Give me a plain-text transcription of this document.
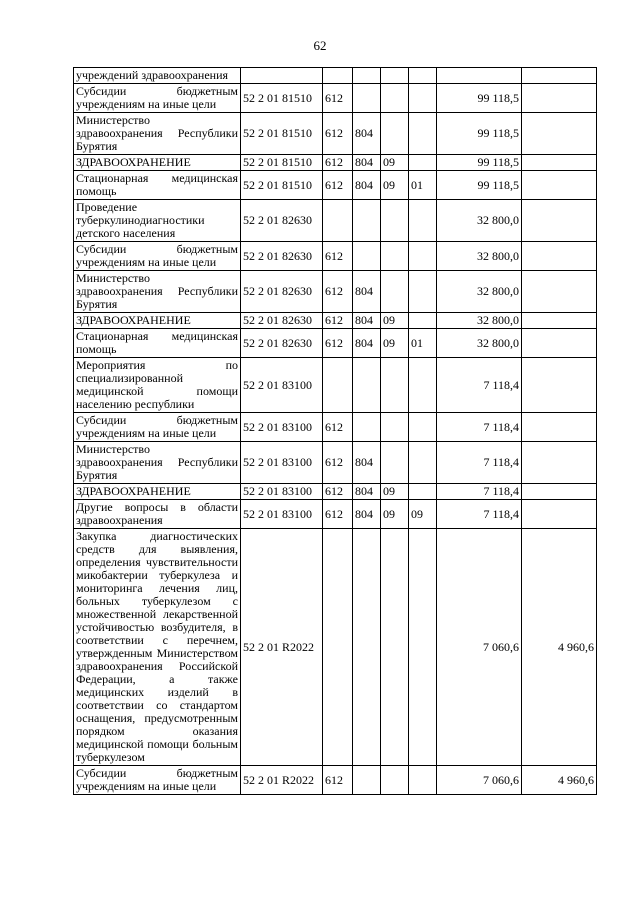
62
учреждений здравоохранения							
Субсидии бюджетным учреждениям на иные цели	52 2 01 81510	612				99 118,5	
Министерство здравоохранения Республики Бурятия	52 2 01 81510	612	804			99 118,5	
ЗДРАВООХРАНЕНИЕ	52 2 01 81510	612	804	09		99 118,5	
Стационарная медицинская помощь	52 2 01 81510	612	804	09	01	99 118,5	
Проведение туберкулинодиагностики детского населения	52 2 01 82630					32 800,0	
Субсидии бюджетным учреждениям на иные цели	52 2 01 82630	612				32 800,0	
Министерство здравоохранения Республики Бурятия	52 2 01 82630	612	804			32 800,0	
ЗДРАВООХРАНЕНИЕ	52 2 01 82630	612	804	09		32 800,0	
Стационарная медицинская помощь	52 2 01 82630	612	804	09	01	32 800,0	
Мероприятия по специализированной медицинской помощи населению республики	52 2 01 83100					7 118,4	
Субсидии бюджетным учреждениям на иные цели	52 2 01 83100	612				7 118,4	
Министерство здравоохранения Республики Бурятия	52 2 01 83100	612	804			7 118,4	
ЗДРАВООХРАНЕНИЕ	52 2 01 83100	612	804	09		7 118,4	
Другие вопросы в области здравоохранения	52 2 01 83100	612	804	09	09	7 118,4	
Закупка диагностических средств для выявления, определения чувствительности микобактерии туберкулеза и мониторинга лечения лиц, больных туберкулезом с множественной лекарственной устойчивостью возбудителя, в соответствии с перечнем, утвержденным Министерством здравоохранения Российской Федерации, а также медицинских изделий в соответствии со стандартом оснащения, предусмотренным порядком оказания медицинской помощи больным туберкулезом	52 2 01 R2022					7 060,6	4 960,6
Субсидии бюджетным учреждениям на иные цели	52 2 01 R2022	612				7 060,6	4 960,6
